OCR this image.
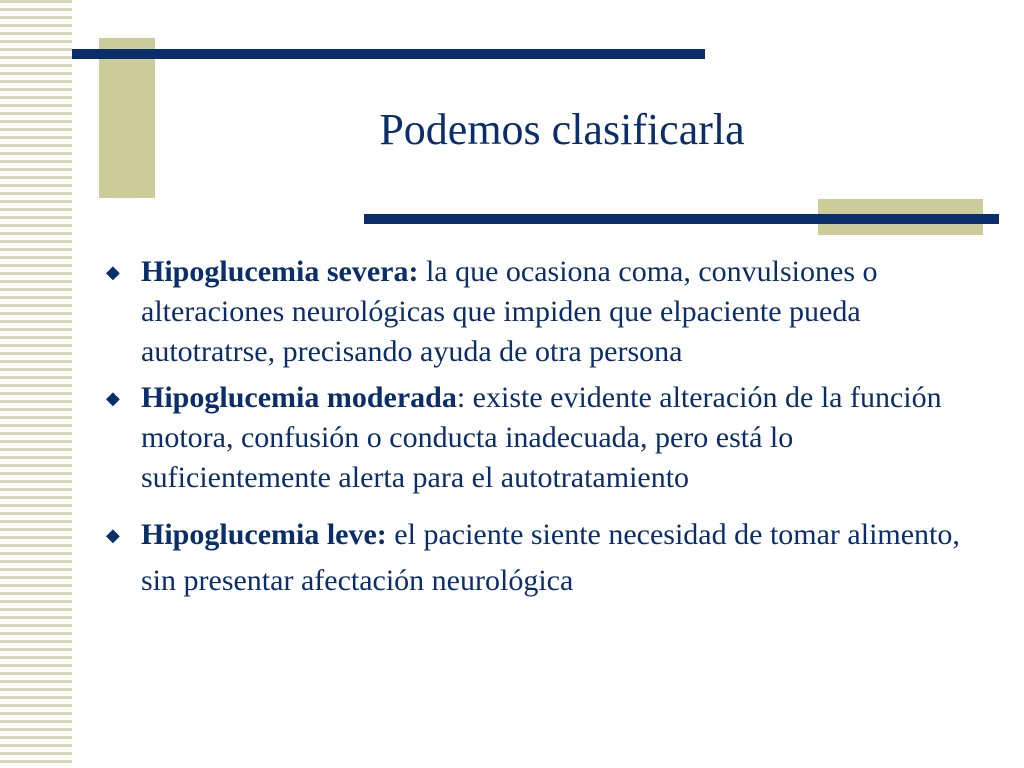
Podemos clasificarla
◆ Hipoglucemia severa: la que ocasiona coma, convulsiones o alteraciones neurológicas que impiden que elpaciente pueda autotratrse, precisando ayuda de otra persona
◆ Hipoglucemia moderada: existe evidente alteración de la función motora, confusión o conducta inadecuada, pero está lo suficientemente alerta para el autotratamiento
◆ Hipoglucemia leve: el paciente siente necesidad de tomar alimento, sin presentar afectación neurológica
